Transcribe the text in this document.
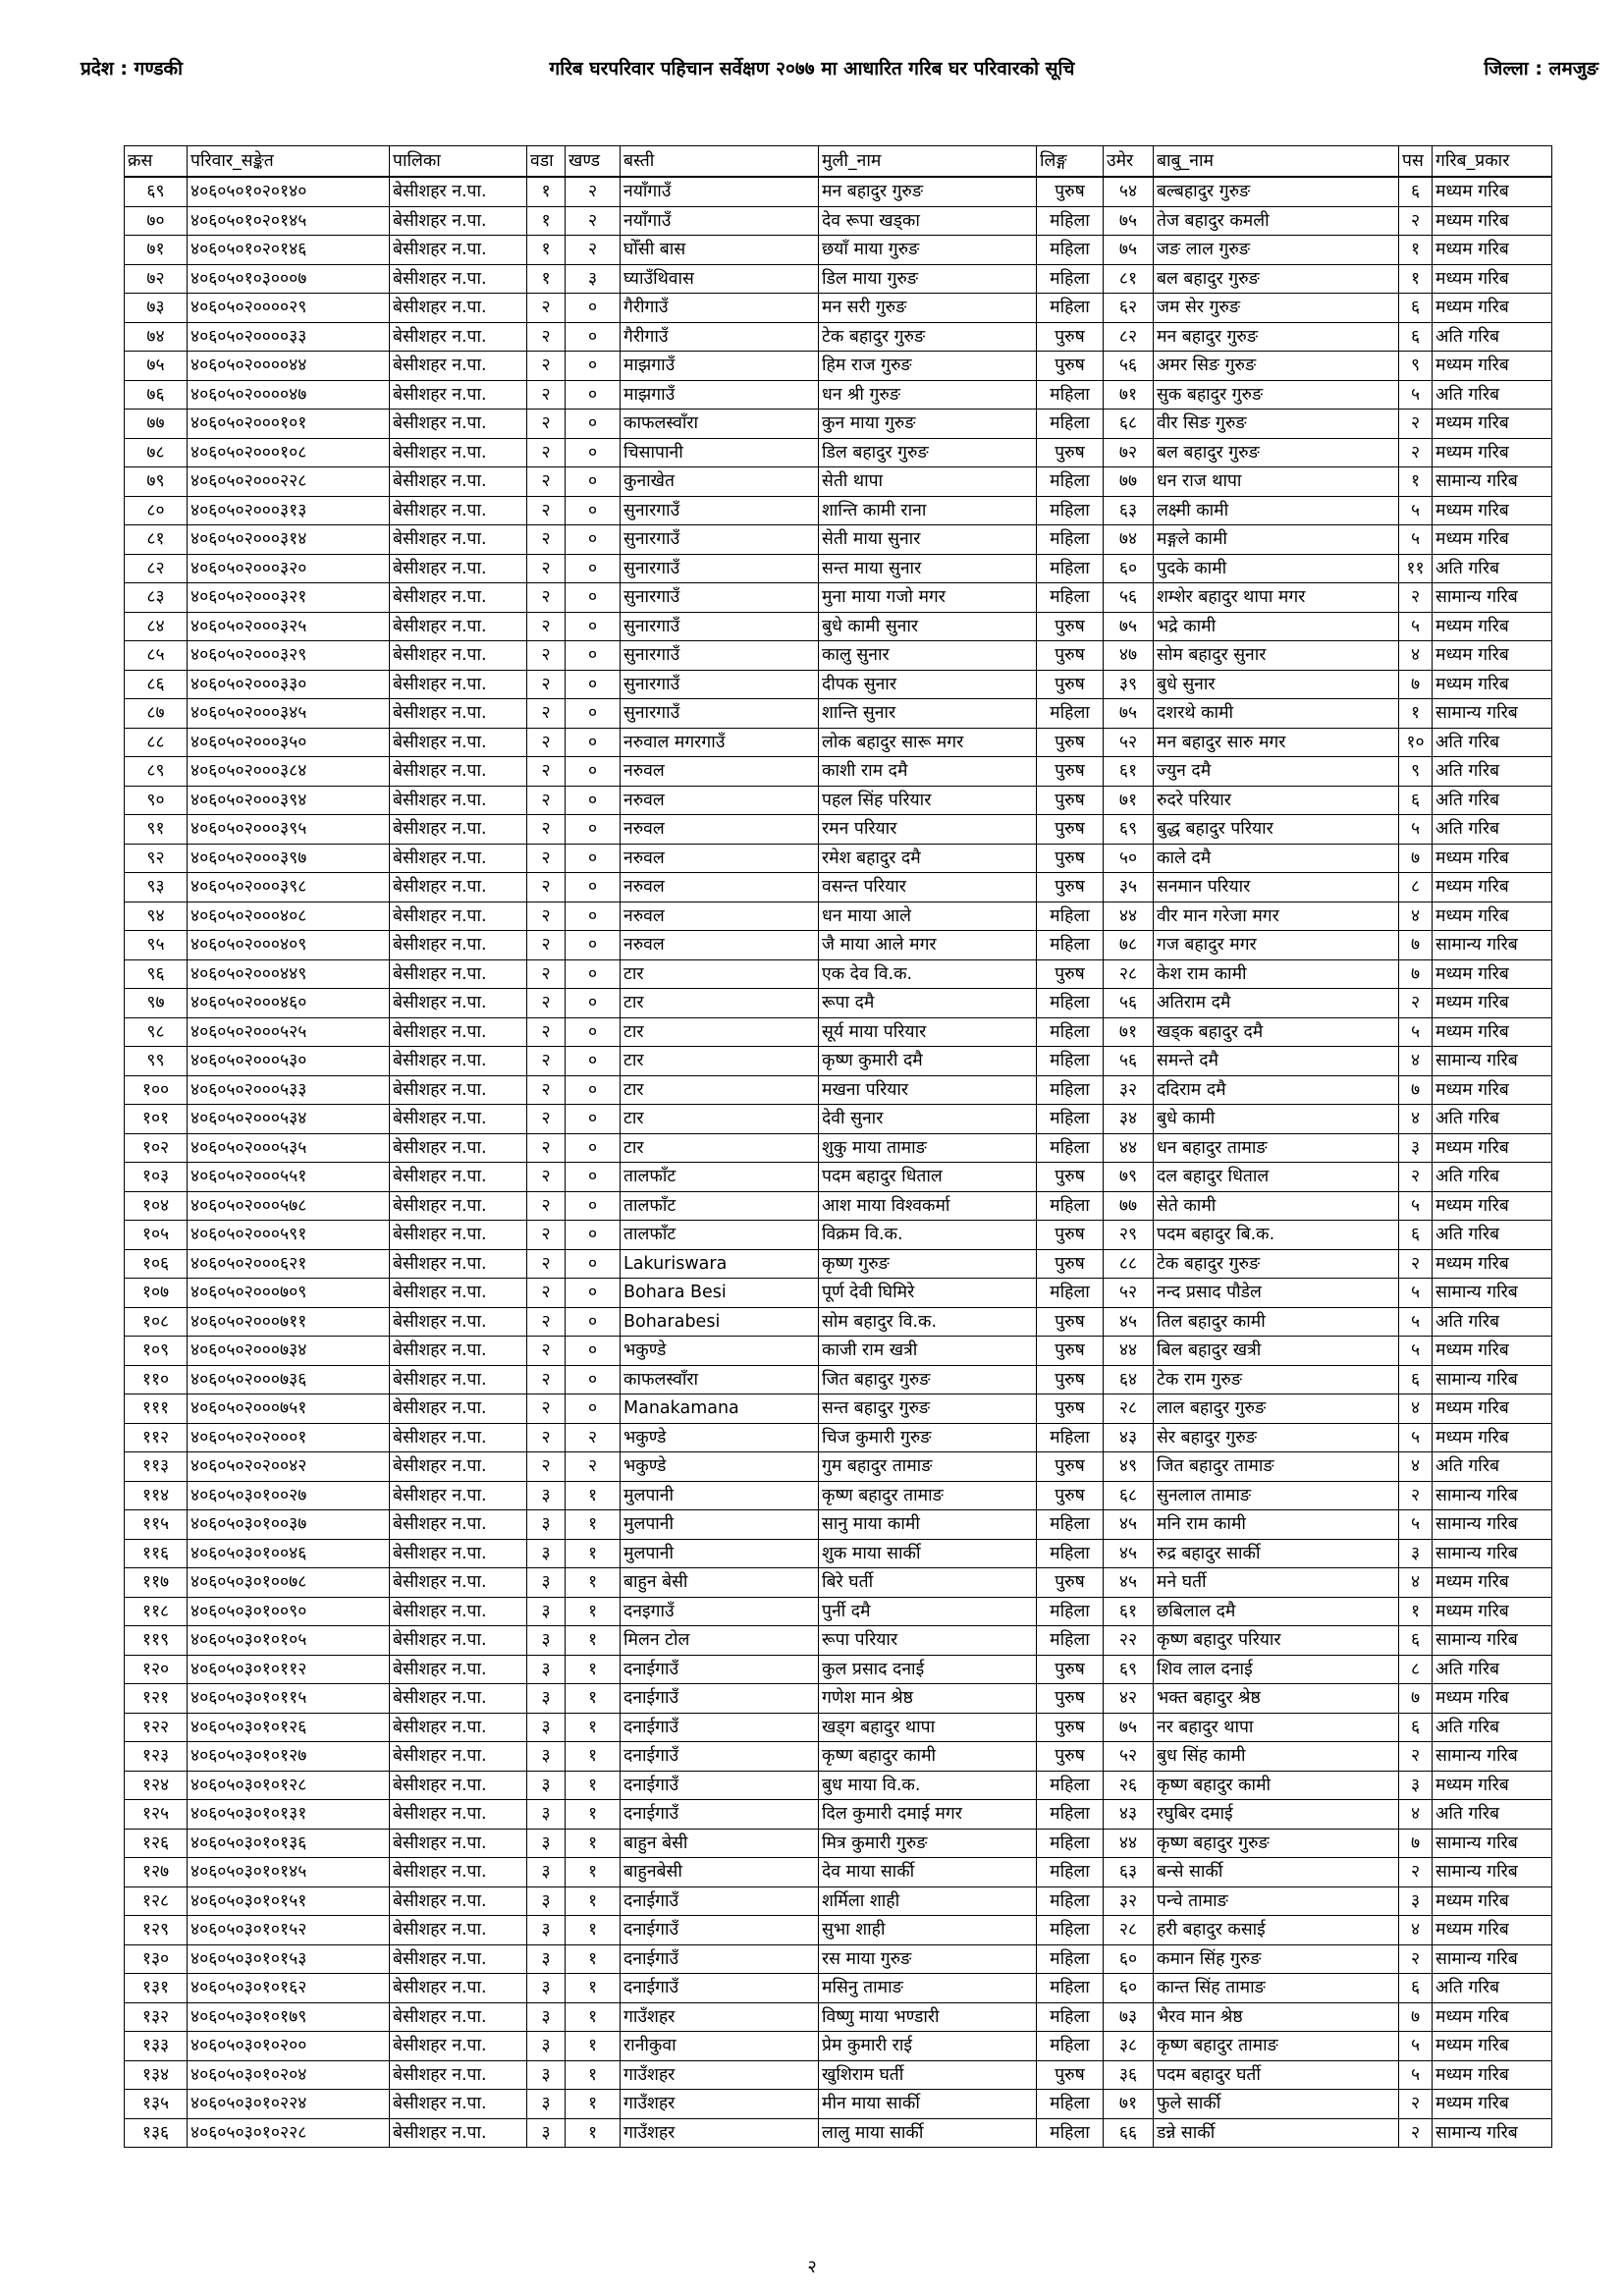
प्रदेश : गण्डकी	गरिब घरपरिवार पहिचान सर्वेक्षण २०७७ मा आधारित गरिब घर परिवारको सूचि	जिल्ला : लमजुङ
क्रस	परिवार_सङ्केत	पालिका	वडा	खण्ड	बस्ती	मुली_नाम	लिङ्ग	उमेर	बाबु_नाम	पस	गरिब_प्रकार
६९	४०६०५०१०२०१४०	बेसीशहर न.पा.	१	२	नयाँगाउँ	मन बहादुर गुरुङ	पुरुष	५४	बल्बहादुर गुरुङ	६	मध्यम गरिब
७०	४०६०५०१०२०१४५	बेसीशहर न.पा.	१	२	नयाँगाउँ	देव रूपा खड्का	महिला	७५	तेज बहादुर कमली	२	मध्यम गरिब
७१	४०६०५०१०२०१४६	बेसीशहर न.पा.	१	२	घोँसी बास	छयाँ माया गुरुङ	महिला	७५	जङ लाल गुरुङ	१	मध्यम गरिब
७२	४०६०५०१०३०००७	बेसीशहर न.पा.	१	३	घ्याउँथिवास	डिल माया गुरुङ	महिला	८१	बल बहादुर गुरुङ	१	मध्यम गरिब
७३	४०६०५०२००००२९	बेसीशहर न.पा.	२	०	गैरीगाउँ	मन सरी गुरुङ	महिला	६२	जम सेर गुरुङ	६	मध्यम गरिब
७४	४०६०५०२००००३३	बेसीशहर न.पा.	२	०	गैरीगाउँ	टेक बहादुर गुरुङ	पुरुष	८२	मन बहादुर गुरुङ	६	अति गरिब
७५	४०६०५०२००००४४	बेसीशहर न.पा.	२	०	माझगाउँ	हिम राज गुरुङ	पुरुष	५६	अमर सिङ गुरुङ	९	मध्यम गरिब
७६	४०६०५०२००००४७	बेसीशहर न.पा.	२	०	माझगाउँ	धन श्री गुरुङ	महिला	७१	सुक बहादुर गुरुङ	५	अति गरिब
७७	४०६०५०२०००१०१	बेसीशहर न.पा.	२	०	काफलस्वाँरा	कुन माया गुरुङ	महिला	६८	वीर सिङ गुरुङ	२	मध्यम गरिब
७८	४०६०५०२०००१०८	बेसीशहर न.पा.	२	०	चिसापानी	डिल बहादुर गुरुङ	पुरुष	७२	बल बहादुर गुरुङ	२	मध्यम गरिब
७९	४०६०५०२०००२२८	बेसीशहर न.पा.	२	०	कुनाखेत	सेती थापा	महिला	७७	धन राज थापा	१	सामान्य गरिब
८०	४०६०५०२०००३१३	बेसीशहर न.पा.	२	०	सुनारगाउँ	शान्ति कामी राना	महिला	६३	लक्ष्मी कामी	५	मध्यम गरिब
८१	४०६०५०२०००३१४	बेसीशहर न.पा.	२	०	सुनारगाउँ	सेती माया सुनार	महिला	७४	मङ्गले कामी	५	मध्यम गरिब
८२	४०६०५०२०००३२०	बेसीशहर न.पा.	२	०	सुनारगाउँ	सन्त माया सुनार	महिला	६०	पुदके कामी	११	अति गरिब
८३	४०६०५०२०००३२१	बेसीशहर न.पा.	२	०	सुनारगाउँ	मुना माया गजो मगर	महिला	५६	शम्शेर बहादुर थापा मगर	२	सामान्य गरिब
८४	४०६०५०२०००३२५	बेसीशहर न.पा.	२	०	सुनारगाउँ	बुधे कामी सुनार	पुरुष	७५	भद्रे कामी	५	मध्यम गरिब
८५	४०६०५०२०००३२९	बेसीशहर न.पा.	२	०	सुनारगाउँ	कालु सुनार	पुरुष	४७	सोम बहादुर सुनार	४	मध्यम गरिब
८६	४०६०५०२०००३३०	बेसीशहर न.पा.	२	०	सुनारगाउँ	दीपक सुनार	पुरुष	३९	बुधे सुनार	७	मध्यम गरिब
८७	४०६०५०२०००३४५	बेसीशहर न.पा.	२	०	सुनारगाउँ	शान्ति सुनार	महिला	७५	दशरथे कामी	१	सामान्य गरिब
८८	४०६०५०२०००३५०	बेसीशहर न.पा.	२	०	नरुवाल मगरगाउँ	लोक बहादुर सारू मगर	पुरुष	५२	मन बहादुर सारु मगर	१०	अति गरिब
८९	४०६०५०२०००३८४	बेसीशहर न.पा.	२	०	नरुवल	काशी राम दमै	पुरुष	६१	ज्युन दमै	९	अति गरिब
९०	४०६०५०२०००३९४	बेसीशहर न.पा.	२	०	नरुवल	पहल सिंह परियार	पुरुष	७१	रुदरे परियार	६	अति गरिब
९१	४०६०५०२०००३९५	बेसीशहर न.पा.	२	०	नरुवल	रमन परियार	पुरुष	६९	बुद्ध बहादुर परियार	५	अति गरिब
९२	४०६०५०२०००३९७	बेसीशहर न.पा.	२	०	नरुवल	रमेश बहादुर दमै	पुरुष	५०	काले दमै	७	मध्यम गरिब
९३	४०६०५०२०००३९८	बेसीशहर न.पा.	२	०	नरुवल	वसन्त परियार	पुरुष	३५	सनमान परियार	८	मध्यम गरिब
९४	४०६०५०२०००४०८	बेसीशहर न.पा.	२	०	नरुवल	धन माया आले	महिला	४४	वीर मान गरेजा मगर	४	मध्यम गरिब
९५	४०६०५०२०००४०९	बेसीशहर न.पा.	२	०	नरुवल	जै माया आले मगर	महिला	७८	गज बहादुर मगर	७	सामान्य गरिब
९६	४०६०५०२०००४४९	बेसीशहर न.पा.	२	०	टार	एक देव वि.क.	पुरुष	२८	केश राम कामी	७	मध्यम गरिब
९७	४०६०५०२०००४६०	बेसीशहर न.पा.	२	०	टार	रूपा दमै	महिला	५६	अतिराम दमै	२	मध्यम गरिब
९८	४०६०५०२०००५२५	बेसीशहर न.पा.	२	०	टार	सूर्य माया परियार	महिला	७१	खड्क बहादुर दमै	५	मध्यम गरिब
९९	४०६०५०२०००५३०	बेसीशहर न.पा.	२	०	टार	कृष्ण कुमारी दमै	महिला	५६	समन्ते दमै	४	सामान्य गरिब
१००	४०६०५०२०००५३३	बेसीशहर न.पा.	२	०	टार	मखना परियार	महिला	३२	ददिराम दमै	७	मध्यम गरिब
१०१	४०६०५०२०००५३४	बेसीशहर न.पा.	२	०	टार	देवी सुनार	महिला	३४	बुधे कामी	४	अति गरिब
१०२	४०६०५०२०००५३५	बेसीशहर न.पा.	२	०	टार	शुकु माया तामाङ	महिला	४४	धन बहादुर तामाङ	३	मध्यम गरिब
१०३	४०६०५०२०००५५१	बेसीशहर न.पा.	२	०	तालफाँट	पदम बहादुर धिताल	पुरुष	७९	दल बहादुर धिताल	२	अति गरिब
१०४	४०६०५०२०००५७८	बेसीशहर न.पा.	२	०	तालफाँट	आश माया विश्वकर्मा	महिला	७७	सेते कामी	५	मध्यम गरिब
१०५	४०६०५०२०००५९१	बेसीशहर न.पा.	२	०	तालफाँट	विक्रम वि.क.	पुरुष	२९	पदम बहादुर बि.क.	६	अति गरिब
१०६	४०६०५०२०००६२१	बेसीशहर न.पा.	२	०	Lakuriswara	कृष्ण गुरुङ	पुरुष	८८	टेक बहादुर गुरुङ	२	मध्यम गरिब
१०७	४०६०५०२०००७०९	बेसीशहर न.पा.	२	०	Bohara Besi	पूर्ण देवी घिमिरे	महिला	५२	नन्द प्रसाद पौडेल	५	सामान्य गरिब
१०८	४०६०५०२०००७११	बेसीशहर न.पा.	२	०	Boharabesi	सोम बहादुर वि.क.	पुरुष	४५	तिल बहादुर कामी	५	अति गरिब
१०९	४०६०५०२०००७३४	बेसीशहर न.पा.	२	०	भकुण्डे	काजी राम खत्री	पुरुष	४४	बिल बहादुर खत्री	५	मध्यम गरिब
११०	४०६०५०२०००७३६	बेसीशहर न.पा.	२	०	काफलस्वाँरा	जित बहादुर गुरुङ	पुरुष	६४	टेक राम गुरुङ	६	सामान्य गरिब
१११	४०६०५०२०००७५१	बेसीशहर न.पा.	२	०	Manakamana	सन्त बहादुर गुरुङ	पुरुष	२८	लाल बहादुर गुरुङ	४	मध्यम गरिब
११२	४०६०५०२०२०००१	बेसीशहर न.पा.	२	२	भकुण्डे	चिज कुमारी गुरुङ	महिला	४३	सेर बहादुर गुरुङ	५	मध्यम गरिब
११३	४०६०५०२०२००४२	बेसीशहर न.पा.	२	२	भकुण्डे	गुम बहादुर तामाङ	पुरुष	४९	जित बहादुर तामाङ	४	अति गरिब
११४	४०६०५०३०१००२७	बेसीशहर न.पा.	३	१	मुलपानी	कृष्ण बहादुर तामाङ	पुरुष	६८	सुनलाल तामाङ	२	सामान्य गरिब
११५	४०६०५०३०१००३७	बेसीशहर न.पा.	३	१	मुलपानी	सानु माया कामी	महिला	४५	मनि राम कामी	५	सामान्य गरिब
११६	४०६०५०३०१००४६	बेसीशहर न.पा.	३	१	मुलपानी	शुक माया सार्की	महिला	४५	रुद्र बहादुर सार्की	३	सामान्य गरिब
११७	४०६०५०३०१००७८	बेसीशहर न.पा.	३	१	बाहुन बेसी	बिरे घर्ती	पुरुष	४५	मने घर्ती	४	मध्यम गरिब
११८	४०६०५०३०१००९०	बेसीशहर न.पा.	३	१	दनइगाउँ	पुर्नी दमै	महिला	६१	छबिलाल दमै	१	मध्यम गरिब
११९	४०६०५०३०१०१०५	बेसीशहर न.पा.	३	१	मिलन टोल	रूपा परियार	महिला	२२	कृष्ण बहादुर परियार	६	सामान्य गरिब
१२०	४०६०५०३०१०११२	बेसीशहर न.पा.	३	१	दनाईगाउँ	कुल प्रसाद दनाई	पुरुष	६९	शिव लाल दनाई	८	अति गरिब
१२१	४०६०५०३०१०११५	बेसीशहर न.पा.	३	१	दनाईगाउँ	गणेश मान श्रेष्ठ	पुरुष	४२	भक्त बहादुर श्रेष्ठ	७	मध्यम गरिब
१२२	४०६०५०३०१०१२६	बेसीशहर न.पा.	३	१	दनाईगाउँ	खड्ग बहादुर थापा	पुरुष	७५	नर बहादुर थापा	६	अति गरिब
१२३	४०६०५०३०१०१२७	बेसीशहर न.पा.	३	१	दनाईगाउँ	कृष्ण बहादुर कामी	पुरुष	५२	बुध सिंह कामी	२	सामान्य गरिब
१२४	४०६०५०३०१०१२८	बेसीशहर न.पा.	३	१	दनाईगाउँ	बुध माया वि.क.	महिला	२६	कृष्ण बहादुर कामी	३	मध्यम गरिब
१२५	४०६०५०३०१०१३१	बेसीशहर न.पा.	३	१	दनाईगाउँ	दिल कुमारी दमाई मगर	महिला	४३	रघुबिर दमाई	४	अति गरिब
१२६	४०६०५०३०१०१३६	बेसीशहर न.पा.	३	१	बाहुन बेसी	मित्र कुमारी गुरुङ	महिला	४४	कृष्ण बहादुर गुरुङ	७	सामान्य गरिब
१२७	४०६०५०३०१०१४५	बेसीशहर न.पा.	३	१	बाहुनबेसी	देव माया सार्की	महिला	६३	बन्से सार्की	२	सामान्य गरिब
१२८	४०६०५०३०१०१५१	बेसीशहर न.पा.	३	१	दनाईगाउँ	शर्मिला शाही	महिला	३२	पन्चे तामाङ	३	मध्यम गरिब
१२९	४०६०५०३०१०१५२	बेसीशहर न.पा.	३	१	दनाईगाउँ	सुभा शाही	महिला	२८	हरी बहादुर कसाई	४	मध्यम गरिब
१३०	४०६०५०३०१०१५३	बेसीशहर न.पा.	३	१	दनाईगाउँ	रस माया गुरुङ	महिला	६०	कमान सिंह गुरुङ	२	सामान्य गरिब
१३१	४०६०५०३०१०१६२	बेसीशहर न.पा.	३	१	दनाईगाउँ	मसिनु तामाङ	महिला	६०	कान्त सिंह तामाङ	६	अति गरिब
१३२	४०६०५०३०१०१७९	बेसीशहर न.पा.	३	१	गाउँशहर	विष्णु माया भण्डारी	महिला	७३	भैरव मान श्रेष्ठ	७	मध्यम गरिब
१३३	४०६०५०३०१०२००	बेसीशहर न.पा.	३	१	रानीकुवा	प्रेम कुमारी राई	महिला	३८	कृष्ण बहादुर तामाङ	५	मध्यम गरिब
१३४	४०६०५०३०१०२०४	बेसीशहर न.पा.	३	१	गाउँशहर	खुशिराम घर्ती	पुरुष	३६	पदम बहादुर घर्ती	५	मध्यम गरिब
१३५	४०६०५०३०१०२२४	बेसीशहर न.पा.	३	१	गाउँशहर	मीन माया सार्की	महिला	७१	फुले सार्की	२	मध्यम गरिब
१३६	४०६०५०३०१०२२८	बेसीशहर न.पा.	३	१	गाउँशहर	लालु माया सार्की	महिला	६६	डन्ने सार्की	२	सामान्य गरिब
२
